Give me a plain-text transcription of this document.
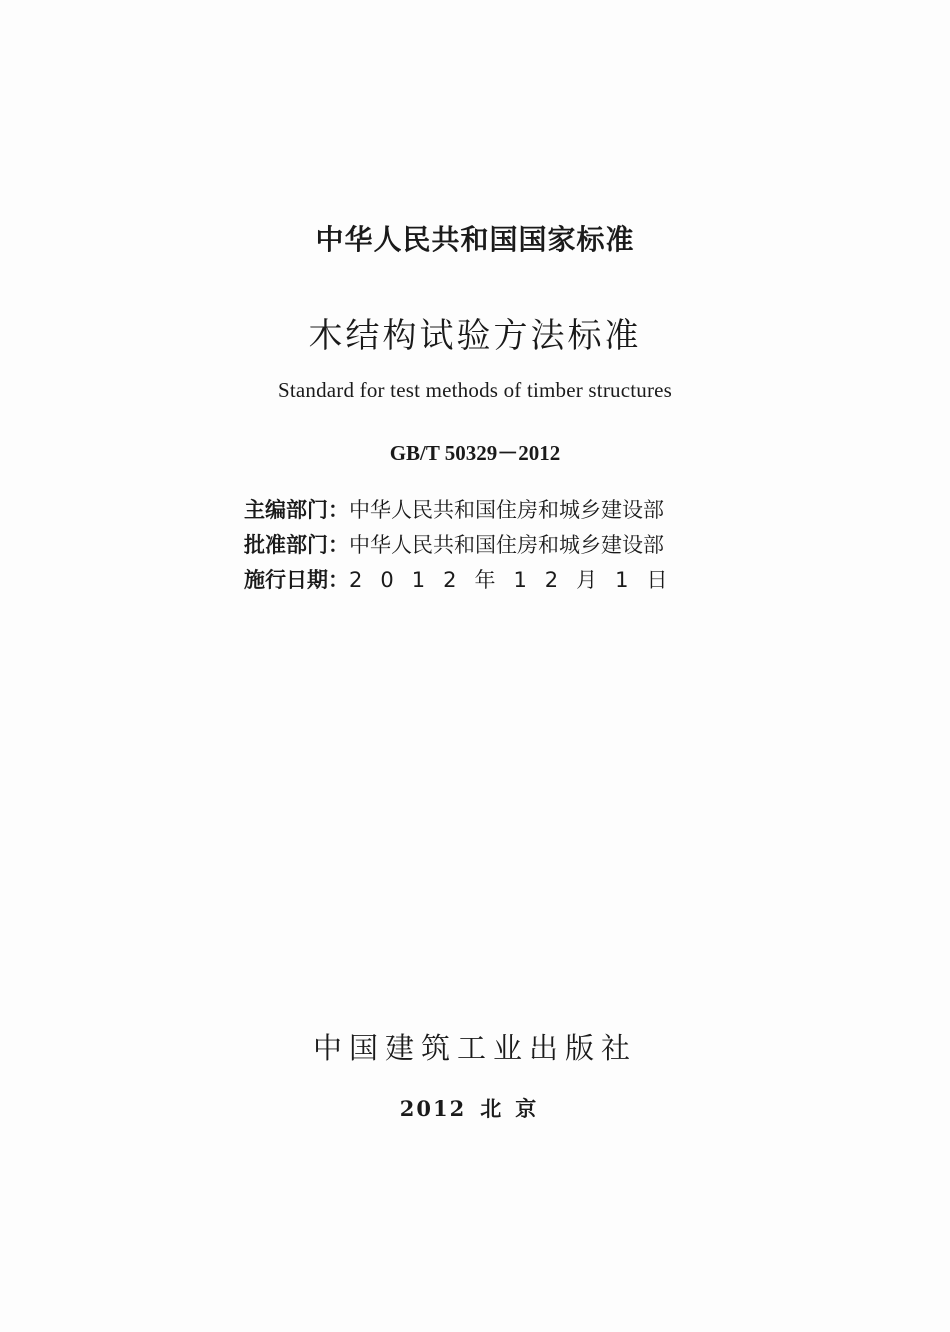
中华人民共和国国家标准
木结构试验方法标准
Standard for test methods of timber structures
GB/T 50329－2012
主编部门：中华人民共和国住房和城乡建设部
批准部门：中华人民共和国住房和城乡建设部
施行日期：2012年12月1日
中国建筑工业出版社
2012 北京
